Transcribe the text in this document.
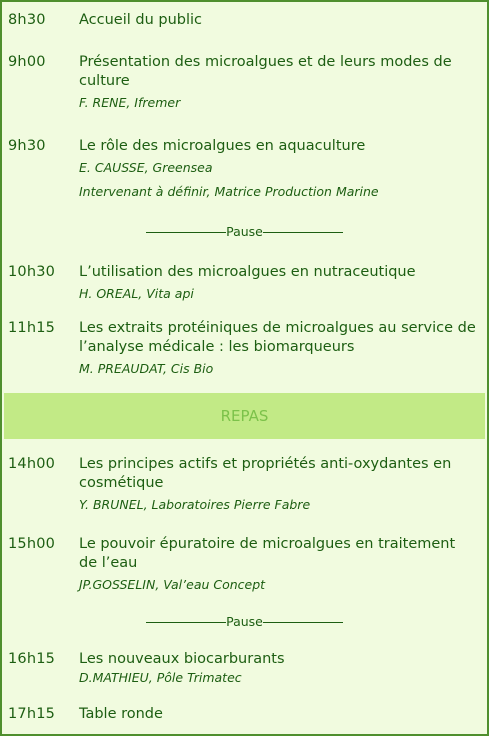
8h30 Accueil du public
9h00 Présentation des microalgues et de leurs modes de culture
F. RENE, Ifremer
9h30 Le rôle des microalgues en aquaculture
E. CAUSSE, Greensea
Intervenant à définir, Matrice Production Marine
Pause
10h30 L’utilisation des microalgues en nutraceutique
H. OREAL, Vita api
11h15 Les extraits protéiniques de microalgues au service de l’analyse médicale : les biomarqueurs
M. PREAUDAT, Cis Bio
REPAS
14h00 Les principes actifs et propriétés anti-oxydantes en cosmétique
Y. BRUNEL, Laboratoires Pierre Fabre
15h00 Le pouvoir épuratoire de microalgues en traitement de l’eau
JP.GOSSELIN, Val’eau Concept
Pause
16h15 Les nouveaux biocarburants
D.MATHIEU, Pôle Trimatec
17h15 Table ronde
